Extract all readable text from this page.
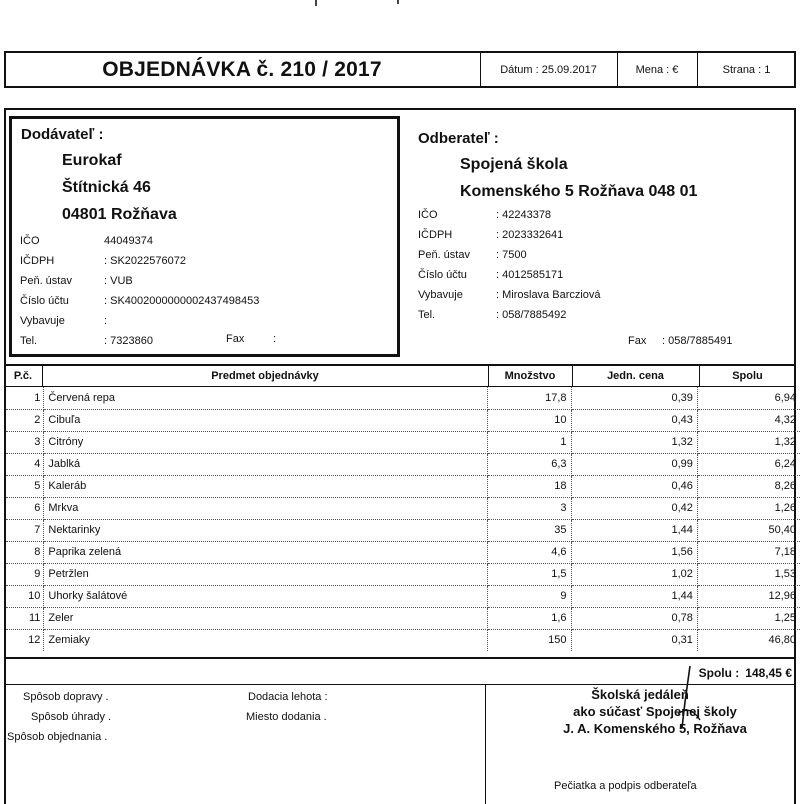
OBJEDNÁVKA č. 210 / 2017	Dátum : 25.09.2017	Mena : €	Strana : 1
Dodávateľ :
Eurokaf
Štítnická 46
04801 Rožňava
IČO	44049374
IČDPH	: SK2022576072
Peň. ústav	: VUB
Číslo účtu	: SK4002000000002437498453
Vybavuje	:
Tel.	: 7323860	Fax	:
Odberateľ :
Spojená škola
Komenského 5 Rožňava 048 01
IČO	: 42243378
IČDPH	: 2023332641
Peň. ústav	: 7500
Číslo účtu	: 4012585171
Vybavuje	: Miroslava Barcziová
Tel.	: 058/7885492
Fax : 058/7885491
P.č.	Predmet objednávky	Množstvo	Jedn. cena	Spolu
1	Červená repa	17,8	0,39	6,94
2	Cibuľa	10	0,43	4,32
3	Citróny	1	1,32	1,32
4	Jablká	6,3	0,99	6,24
5	Kaleráb	18	0,46	8,26
6	Mrkva	3	0,42	1,26
7	Nektarinky	35	1,44	50,40
8	Paprika zelená	4,6	1,56	7,18
9	Petržlen	1,5	1,02	1,53
10	Uhorky šalátové	9	1,44	12,96
11	Zeler	1,6	0,78	1,25
12	Zemiaky	150	0,31	46,80
Spolu : 148,45 €
Spôsob dopravy .
Spôsob úhrady .
Spôsob objednania .
Dodacia lehota :
Miesto dodania .
Školská jedáleň
ako súčasť Spojenej školy
J. A. Komenského 5, Rožňava
Pečiatka a podpis odberateľa
